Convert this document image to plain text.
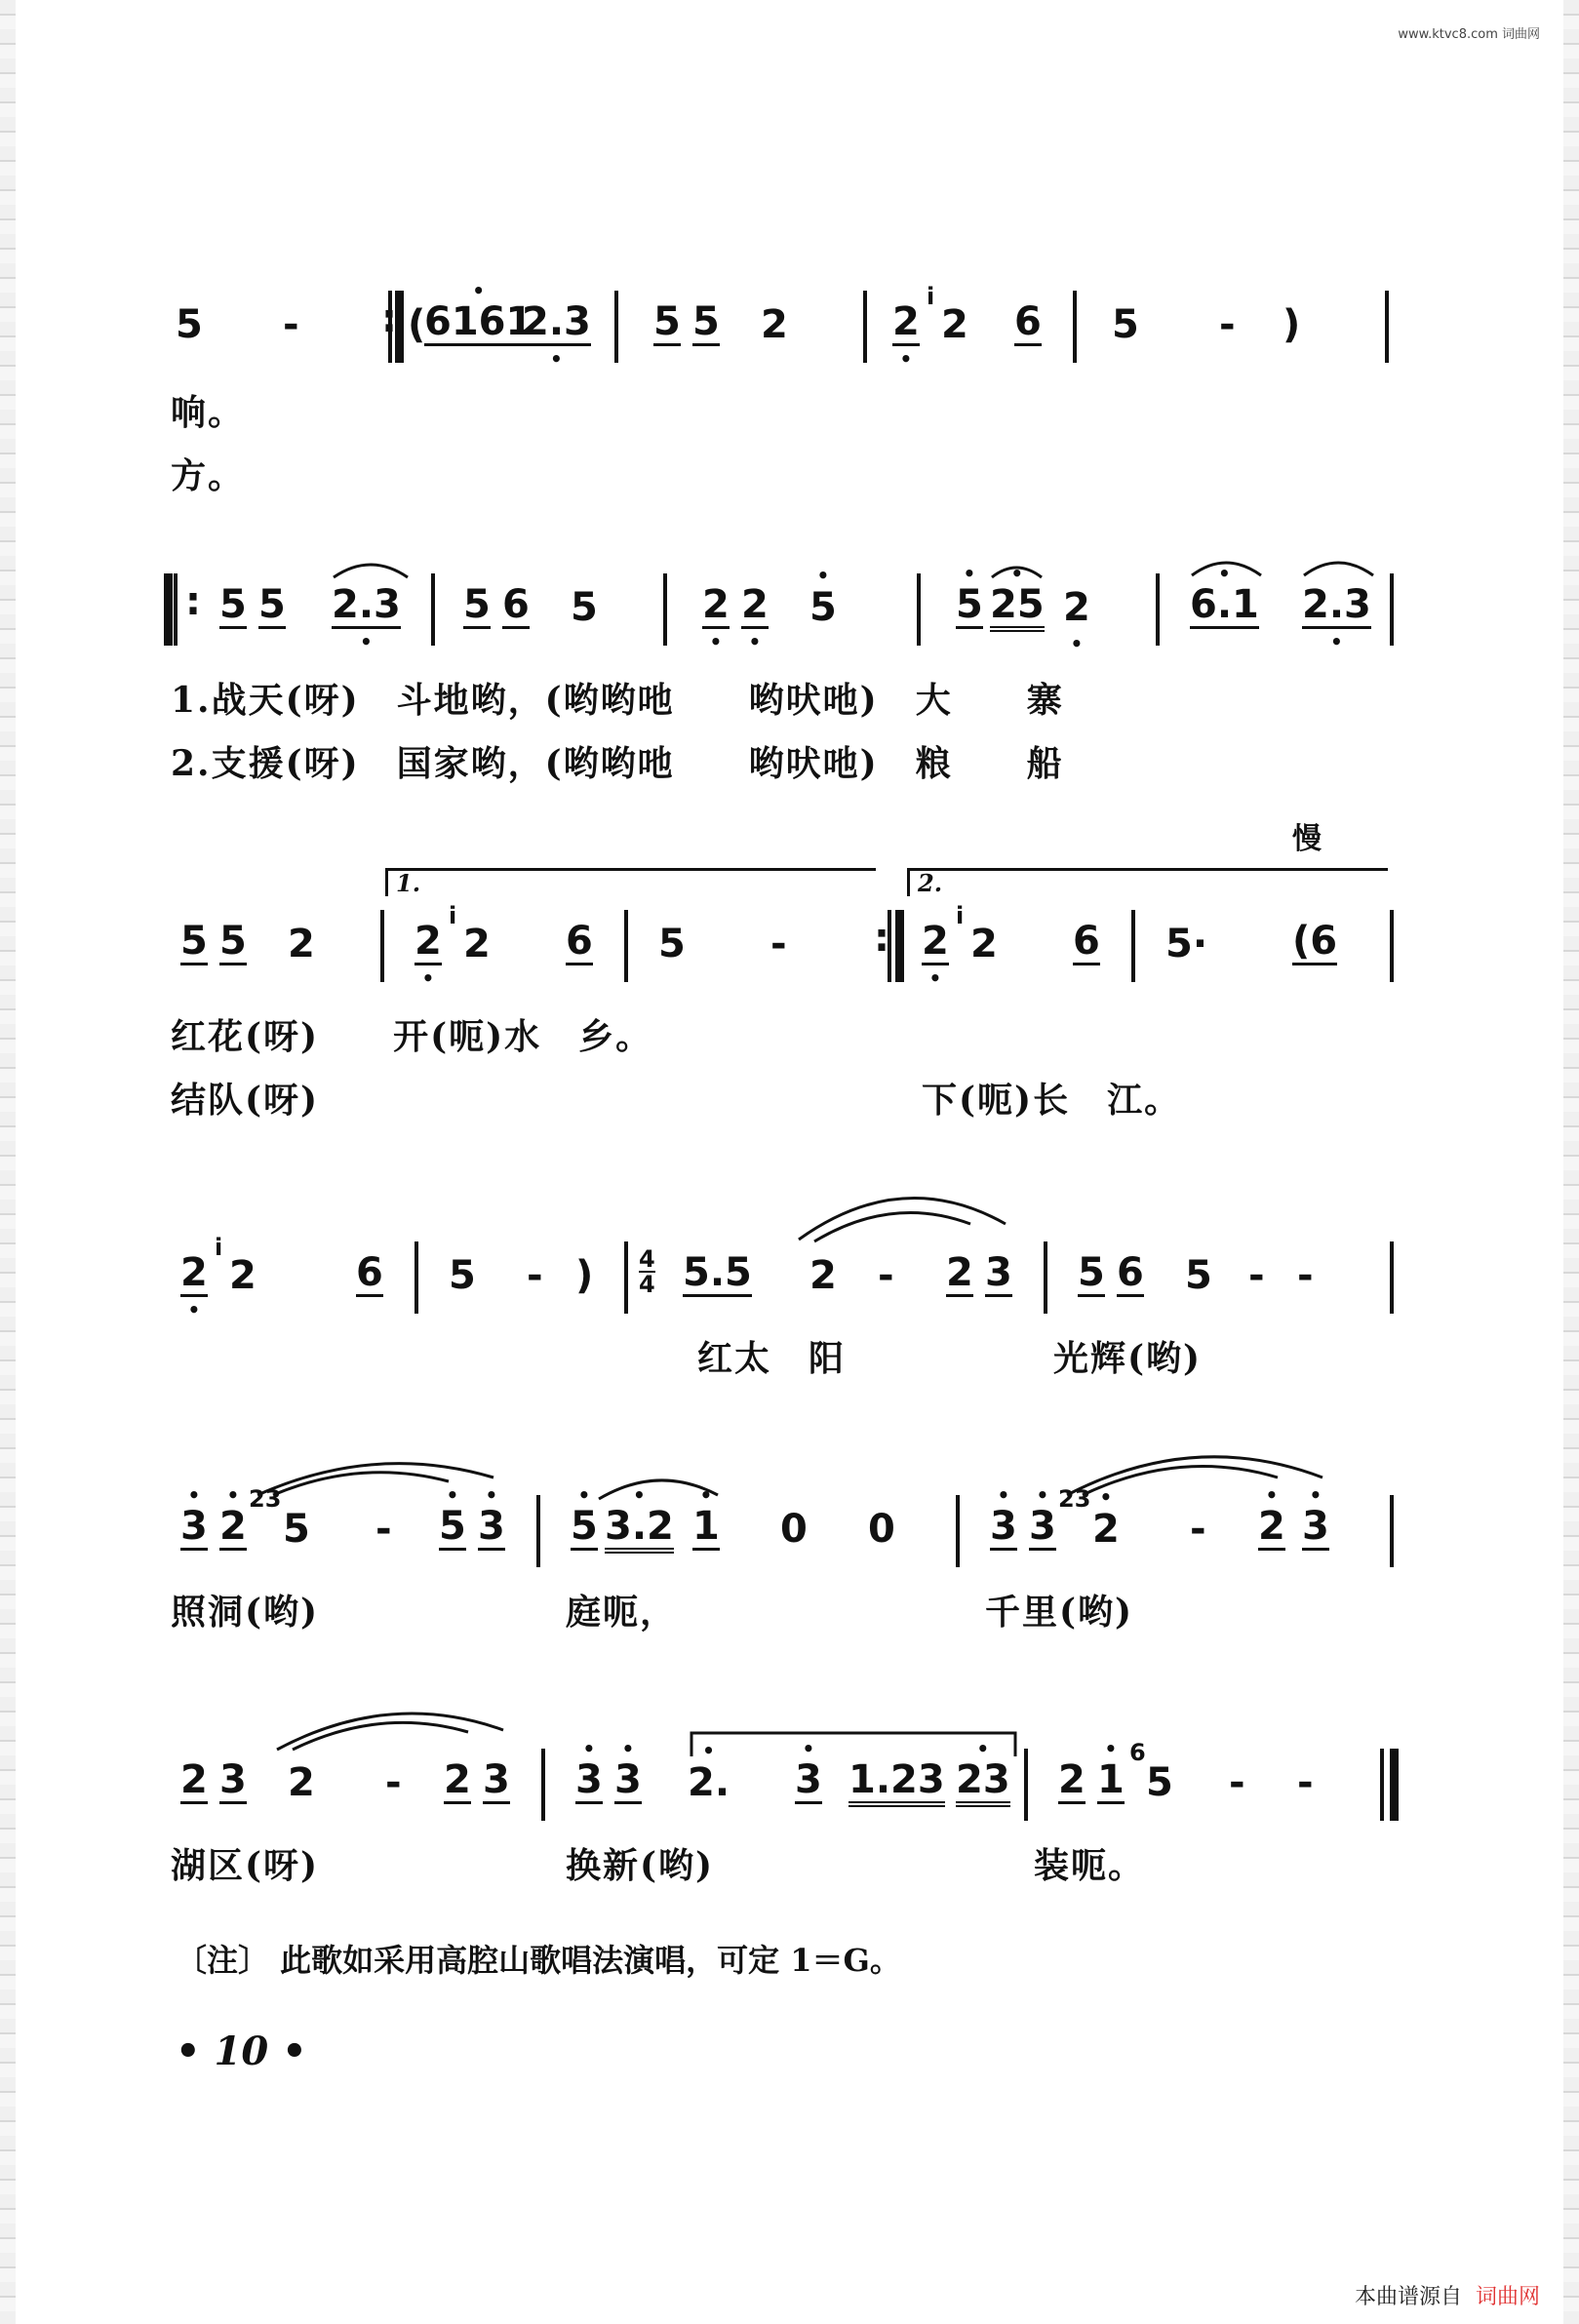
www.ktvc8.com 词曲网
5 - :	(
• 6161
2.3 • 5 5 2	2 •
i
2 6 5 - )
响。
方。
:
5 5 2.3 • 5 6 5	2 • 2 • • 5	• 5 • 25 2 •	• 6.1 2.3 •
1.战天(呀)　斗地哟，(哟哟吔　　哟吠吔)　大　　寨
2.支援(呀)　国家哟，(哟哟吔　　哟吠吔)　粮　　船
慢
1.	2.
5 5 2	2 •
i
2 6 5 - :	2 •
i
2 6 5· (6
红花(呀)　　开(呃)水　乡。
结队(呀)	下(呃)长　江。
2 •
i
2	6 5 - ) 4
4 5.5 2 - 2 3 5 6 5 - -
红太　阳	光辉(哟)
• 3 • 2
23
5 - • 5 • 3 • 5 • 3.2 • 1 0 0 • 3 • 3
23
• 2 - • 2 • 3
照洞(哟)	庭呃，	千里(哟)
2 3 2 - 2 3 • 3 • 3 • 2. • 3 1.23 • 23 2 • 1
6
5 - -
湖区(呀)	换新(哟)	装呃。
〔注〕 此歌如采用高腔山歌唱法演唱，可定 1＝G。
• 10 •
本曲谱源自 词曲网
